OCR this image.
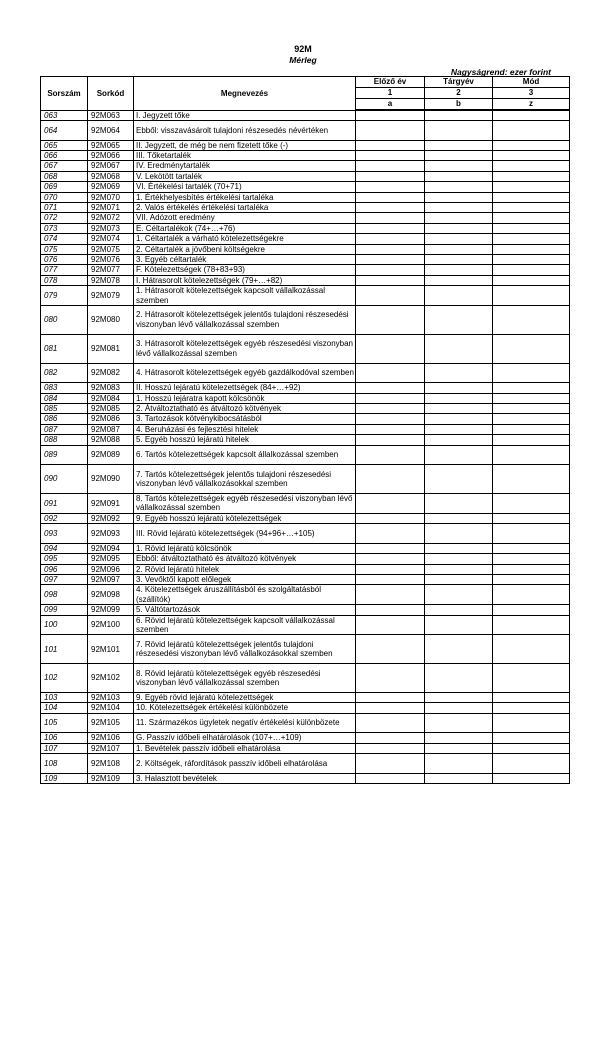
92M
Mérleg
Nagyságrend: ezer forint
Sorszám	Sorkód	Megnevezés	Előző év	Tárgyév	Mód
			1	2	3
			a	b	z
063	92M063	I. Jegyzett tőke			
064	92M064	Ebből: visszavásárolt tulajdoni részesedés névértéken			
065	92M065	II. Jegyzett, de még be nem fizetett tőke (-)			
066	92M066	III. Tőketartalék			
067	92M067	IV. Eredménytartalék			
068	92M068	V. Lekötött tartalék			
069	92M069	VI. Értékelési tartalék (70+71)			
070	92M070	1. Értékhelyesbítés értékelési tartaléka			
071	92M071	2. Valós értékelés értékelési tartaléka			
072	92M072	VII. Adózott eredmény			
073	92M073	E. Céltartalékok (74+…+76)			
074	92M074	1. Céltartalék a várható kötelezettségekre			
075	92M075	2. Céltartalék a jövőbeni költségekre			
076	92M076	3. Egyéb céltartalék			
077	92M077	F. Kötelezettségek (78+83+93)			
078	92M078	I. Hátrasorolt kötelezettségek (79+…+82)			
079	92M079	1. Hátrasorolt kötelezettségek kapcsolt vállalkozással szemben			
080	92M080	2. Hátrasorolt kötelezettségek jelentős tulajdoni részesedési viszonyban lévő vállalkozással szemben			
081	92M081	3. Hátrasorolt kötelezettségek egyéb részesedési viszonyban lévő vállalkozással szemben			
082	92M082	4. Hátrasorolt kötelezettségek egyéb gazdálkodóval szemben			
083	92M083	II. Hosszú lejáratú kötelezettségek (84+…+92)			
084	92M084	1. Hosszú lejáratra kapott kölcsönök			
085	92M085	2. Átváltoztatható és átváltozó kötvények			
086	92M086	3. Tartozások kötvénykibocsátásból			
087	92M087	4. Beruházási és fejlesztési hitelek			
088	92M088	5. Egyéb hosszú lejáratú hitelek			
089	92M089	6. Tartós kötelezettségek kapcsolt állalkozással szemben			
090	92M090	7. Tartós kötelezettségek jelentős tulajdoni részesedési viszonyban lévő vállalkozásokkal szemben			
091	92M091	8. Tartós kötelezettségek egyéb részesedési viszonyban lévő vállalkozással szemben			
092	92M092	9. Egyéb hosszú lejáratú kötelezettségek			
093	92M093	III. Rövid lejáratú kötelezettségek (94+96+…+105)			
094	92M094	1. Rövid lejáratú kölcsönök			
095	92M095	Ebből: átváltoztatható és átváltozó kötvények			
096	92M096	2. Rövid lejáratú hitelek			
097	92M097	3. Vevőktől kapott előlegek			
098	92M098	4. Kötelezettségek áruszállításból és szolgáltatásból (szállítók)			
099	92M099	5. Váltótartozások			
100	92M100	6. Rövid lejáratú kötelezettségek kapcsolt vállalkozással szemben			
101	92M101	7. Rövid lejáratú kötelezettségek jelentős tulajdoni részesedési viszonyban lévő vállalkozásokkal szemben			
102	92M102	8. Rövid lejáratú kötelezettségek egyéb részesedési viszonyban lévő vállalkozással szemben			
103	92M103	9. Egyéb rövid lejáratú kötelezettségek			
104	92M104	10. Kötelezettségek értékelési különbözete			
105	92M105	11. Származékos ügyletek negatív értékelési különbözete			
106	92M106	G. Passzív időbeli elhatárolások (107+…+109)			
107	92M107	1. Bevételek passzív időbeli elhatárolása			
108	92M108	2. Költségek, ráfordítások passzív időbeli elhatárolása			
109	92M109	3. Halasztott bevételek			
